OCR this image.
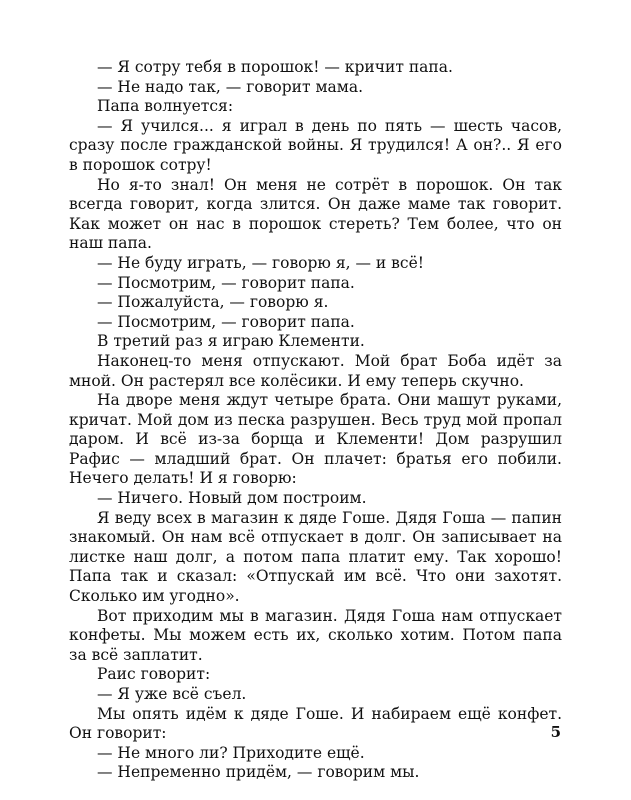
— Я сотру тебя в порошок! — кричит папа.

— Не надо так, — говорит мама.

Папа волнуется:

— Я учился... я играл в день по пять — шесть часов, сразу после гражданской войны. Я трудился! А он?.. Я его в порошок сотру!

Но я-то знал! Он меня не сотрёт в порошок. Он так всегда говорит, когда злится. Он даже маме так говорит. Как может он нас в порошок стереть? Тем более, что он наш папа.

— Не буду играть, — говорю я, — и всё!

— Посмотрим, — говорит папа.

— Пожалуйста, — говорю я.

— Посмотрим, — говорит папа.

В третий раз я играю Клементи.

Наконец-то меня отпускают. Мой брат Боба идёт за мной. Он растерял все колёсики. И ему теперь скучно.

На дворе меня ждут четыре брата. Они машут руками, кричат. Мой дом из песка разрушен. Весь труд мой пропал даром. И всё из-за борща и Клементи! Дом разрушил Рафис — младший брат. Он плачет: братья его побили. Нечего делать! И я говорю:

— Ничего. Новый дом построим.

Я веду всех в магазин к дяде Гоше. Дядя Гоша — папин знакомый. Он нам всё отпускает в долг. Он записывает на листке наш долг, а потом папа платит ему. Так хорошо! Папа так и сказал: «Отпускай им всё. Что они захотят. Сколько им угодно».

Вот приходим мы в магазин. Дядя Гоша нам отпускает конфеты. Мы можем есть их, сколько хотим. Потом папа за всё заплатит.

Раис говорит:

— Я уже всё съел.

Мы опять идём к дяде Гоше. И набираем ещё конфет. Он говорит:

— Не много ли? Приходите ещё.

— Непременно придём, — говорим мы.

5
